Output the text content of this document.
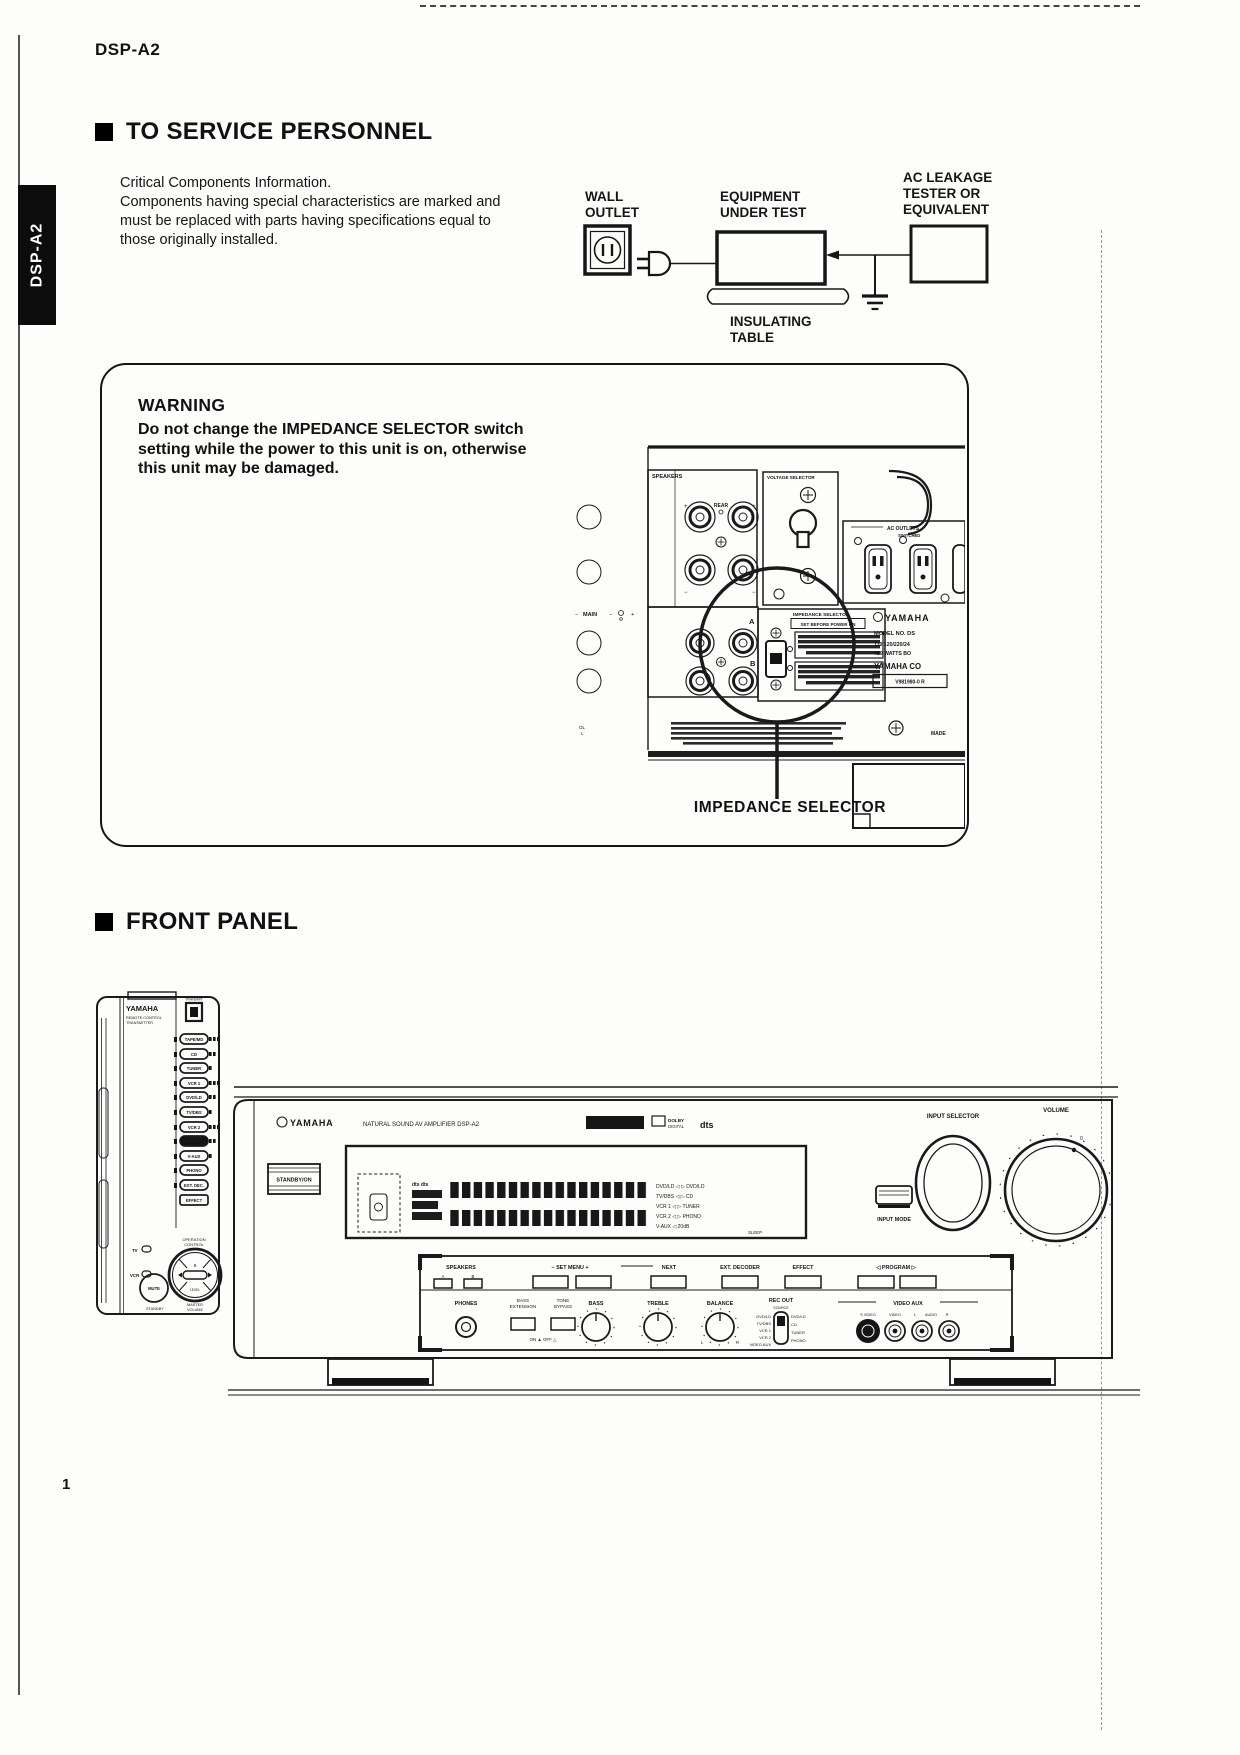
DSP-A2
DSP-A2
TO SERVICE PERSONNEL
Critical Components Information.
Components having special characteristics are marked and
must be replaced with parts having specifications equal to
those originally installed.
WALL
OUTLET
EQUIPMENT
UNDER TEST
AC LEAKAGE
TESTER OR
EQUIVALENT
INSULATING
TABLE
WARNING
Do not change the IMPEDANCE SELECTOR switch
setting while the power to this unit is on, otherwise
this unit may be damaged.	SPEAKERS
+	REAR	+
−	−
− MAIN −	+
A
B
VOLTAGE SELECTOR
AC OUTLETS
SWITCHED
IMPEDANCE SELECTOR
SET BEFORE POWER ON
YAMAHA
MODEL NO. DS
110/120/220/24
480 WATTS BO
YAMAHA CO
V981980-0 R
OL
L	MADE
IMPEDANCE SELECTOR
FRONT PANEL
YAMAHA
REMOTE CONTROL
TRANSMITTER
TRANSMIT
TAPE/MD
CD
TUNER
VCR 1
DVD/LD
TV/DBS
VCR 2
CBL
V-AUX
PHONO
EXT. DEC.
EFFECT
OPERATION
CONTROL
∧
LEVEL
TV
VCR
MUTE
STANDBY
MASTER
VOLUME
YAMAHA	NATURAL SOUND AV AMPLIFIER DSP-A2	CINEMA DSP ™
DOLBY
DIGITAL dts
STANDBY/ON
dts dts	DVD/LD ◁ ▷ DVD/LD
TV/DBS ◁ ▷ CD
VCR 1 ◁ ▷ TUNER
VCR 2 ◁ ▷ PHONO
V-AUX ◁ 20dB
SLEEP
INPUT MODE
INPUT SELECTOR
VOLUME
0
SPEAKERS
A	B
− SET MENU +	NEXT	EXT. DECODER	EFFECT	◁ PROGRAM ▷
PHONES
BASS
EXTENSION
TONE
BYPASS
ON ▲ OFF △
BASS	TREBLE	BALANCE
L	R
REC OUT
SOURCE
DVD/LD
TV/DBS
VCR 1
VCR 2
VIDEO AUX
DVD/LD
CD
TUNER
PHONO
VIDEO AUX
S VIDEO	VIDEO	L AUDIO R
1
